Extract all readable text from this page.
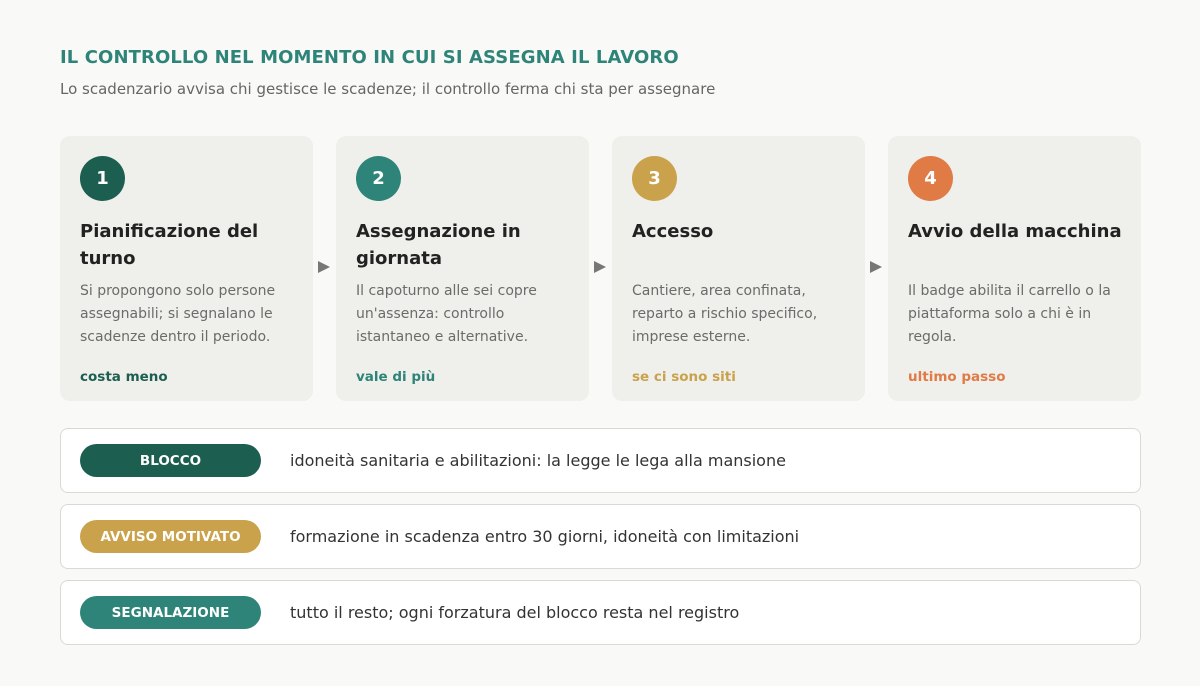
IL CONTROLLO NEL MOMENTO IN CUI SI ASSEGNA IL LAVORO
Lo scadenzario avvisa chi gestisce le scadenze; il controllo ferma chi sta per assegnare
1
Pianificazione del turno
Si propongono solo persone assegnabili; si segnalano le scadenze dentro il periodo.
costa meno
2
Assegnazione in giornata
Il capoturno alle sei copre un'assenza: controllo istantaneo e alternative.
vale di più
3
Accesso
Cantiere, area confinata, reparto a rischio specifico, imprese esterne.
se ci sono siti
4
Avvio della macchina
Il badge abilita il carrello o la piattaforma solo a chi è in regola.
ultimo passo
BLOCCO	idoneità sanitaria e abilitazioni: la legge le lega alla mansione
AVVISO MOTIVATO	formazione in scadenza entro 30 giorni, idoneità con limitazioni
SEGNALAZIONE	tutto il resto; ogni forzatura del blocco resta nel registro
